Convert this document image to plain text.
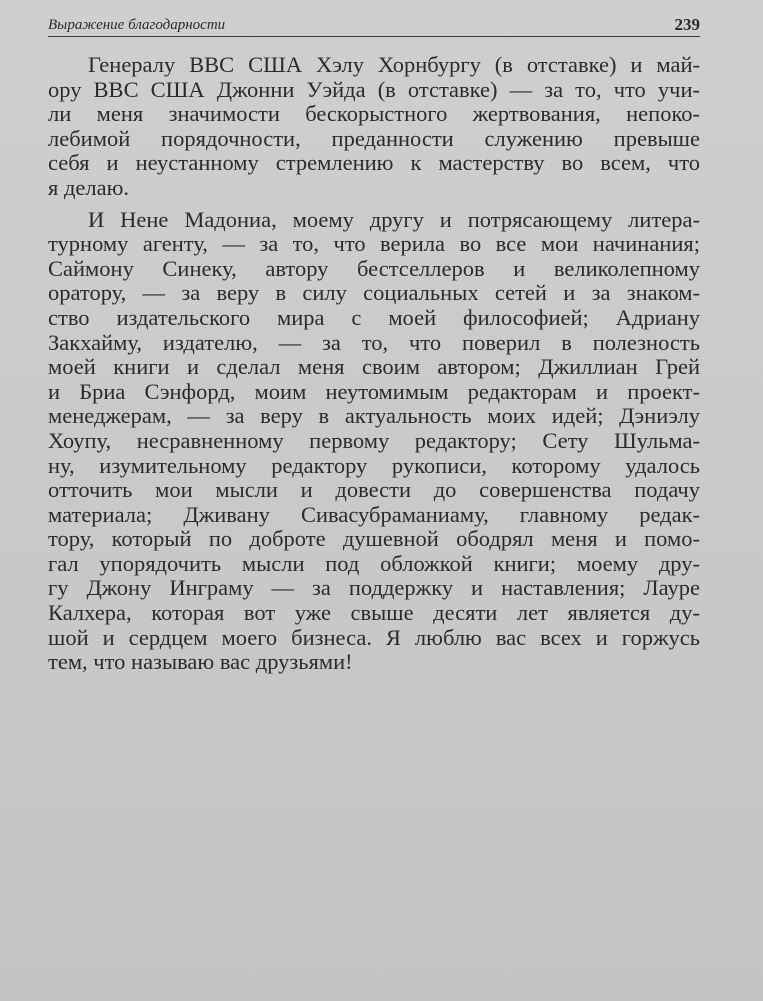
Выражение благодарности	239
Генералу ВВС США Хэлу Хорнбургу (в отставке) и май-
ору ВВС США Джонни Уэйда (в отставке) — за то, что учи-
ли меня значимости бескорыстного жертвования, непоко-
лебимой порядочности, преданности служению превыше
себя и неустанному стремлению к мастерству во всем, что
я делаю.
И Нене Мадониа, моему другу и потрясающему литера-
турному агенту, — за то, что верила во все мои начинания;
Саймону Синеку, автору бестселлеров и великолепному
оратору, — за веру в силу социальных сетей и за знаком-
ство издательского мира с моей философией; Адриану
Закхайму, издателю, — за то, что поверил в полезность
моей книги и сделал меня своим автором; Джиллиан Грей
и Бриа Сэнфорд, моим неутомимым редакторам и проект-
менеджерам, — за веру в актуальность моих идей; Дэниэлу
Хоупу, несравненному первому редактору; Сету Шульма-
ну, изумительному редактору рукописи, которому удалось
отточить мои мысли и довести до совершенства подачу
материала; Дживану Сивасубраманиаму, главному редак-
тору, который по доброте душевной ободрял меня и помо-
гал упорядочить мысли под обложкой книги; моему дру-
гу Джону Инграму — за поддержку и наставления; Лауре
Калхера, которая вот уже свыше десяти лет является ду-
шой и сердцем моего бизнеса. Я люблю вас всех и горжусь
тем, что называю вас друзьями!
